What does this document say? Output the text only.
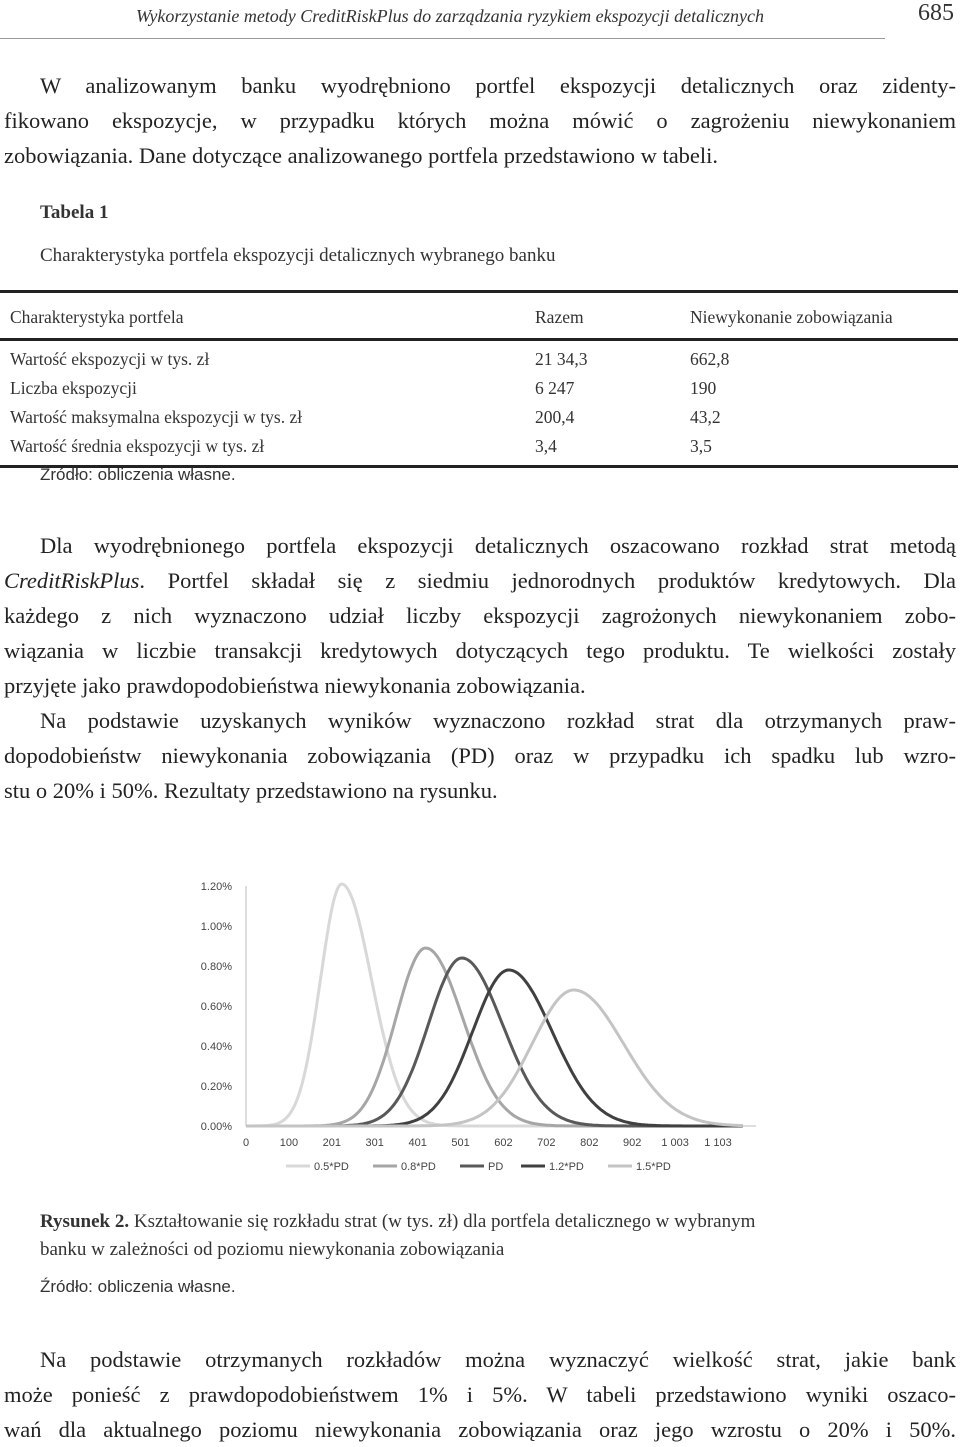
Wykorzystanie metody CreditRiskPlus do zarządzania ryzykiem ekspozycji detalicznych	685
W analizowanym banku wyodrębniono portfel ekspozycji detalicznych oraz zidenty-
fikowano ekspozycje, w przypadku których można mówić o zagrożeniu niewykonaniem
zobowiązania. Dane dotyczące analizowanego portfela przedstawiono w tabeli.
Tabela 1
Charakterystyka portfela ekspozycji detalicznych wybranego banku
Charakterystyka portfela	Razem	Niewykonanie zobowiązania
Wartość ekspozycji w tys. zł	21 34,3	662,8
Liczba ekspozycji	6 247	190
Wartość maksymalna ekspozycji w tys. zł	200,4	43,2
Wartość średnia ekspozycji w tys. zł	3,4	3,5
Źródło: obliczenia własne.
Dla wyodrębnionego portfela ekspozycji detalicznych oszacowano rozkład strat metodą
CreditRiskPlus. Portfel składał się z siedmiu jednorodnych produktów kredytowych. Dla
każdego z nich wyznaczono udział liczby ekspozycji zagrożonych niewykonaniem zobo-
wiązania w liczbie transakcji kredytowych dotyczących tego produktu. Te wielkości zostały
przyjęte jako prawdopodobieństwa niewykonania zobowiązania.
Na podstawie uzyskanych wyników wyznaczono rozkład strat dla otrzymanych praw-
dopodobieństw niewykonania zobowiązania (PD) oraz w przypadku ich spadku lub wzro-
stu o 20% i 50%. Rezultaty przedstawiono na rysunku.
0.00%
0.20%
0.40%
0.60%
0.80%
1.00%
1.20%
0	100 201 301 401 501 602 702 802 902 1 003 1 103
0.5*PD	0.8*PD	PD	1.2*PD	1.5*PD
Rysunek 2. Kształtowanie się rozkładu strat (w tys. zł) dla portfela detalicznego w wybranym
banku w zależności od poziomu niewykonania zobowiązania
Źródło: obliczenia własne.
Na podstawie otrzymanych rozkładów można wyznaczyć wielkość strat, jakie bank
może ponieść z prawdopodobieństwem 1% i 5%. W tabeli przedstawiono wyniki oszaco-
wań dla aktualnego poziomu niewykonania zobowiązania oraz jego wzrostu o 20% i 50%.
